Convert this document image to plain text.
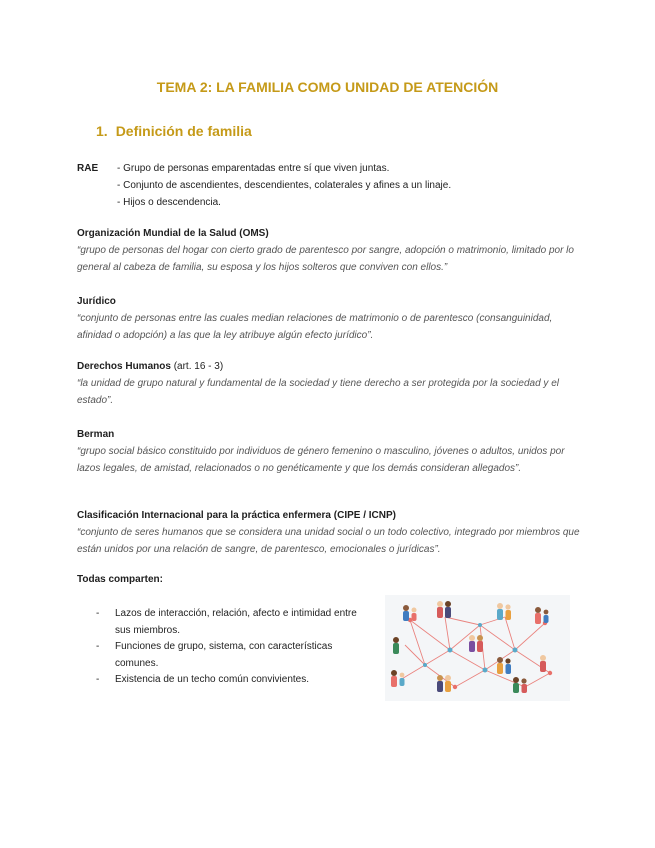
TEMA 2: LA FAMILIA COMO UNIDAD DE ATENCIÓN
1. Definición de familia
RAE - Grupo de personas emparentadas entre sí que viven juntas.
- Conjunto de ascendientes, descendientes, colaterales y afines a un linaje.
- Hijos o descendencia.
Organización Mundial de la Salud (OMS)
“grupo de personas del hogar con cierto grado de parentesco por sangre, adopción o matrimonio, limitado por lo general al cabeza de familia, su esposa y los hijos solteros que conviven con ellos.”
Jurídico
“conjunto de personas entre las cuales median relaciones de matrimonio o de parentesco (consanguinidad, afinidad o adopción) a las que la ley atribuye algún efecto jurídico”.
Derechos Humanos (art. 16 - 3)
“la unidad de grupo natural y fundamental de la sociedad y tiene derecho a ser protegida por la sociedad y el estado”.
Berman
“grupo social básico constituido por individuos de género femenino o masculino, jóvenes o adultos, unidos por lazos legales, de amistad, relacionados o no genéticamente y que los demás consideran allegados”.
Clasificación Internacional para la práctica enfermera (CIPE / ICNP)
“conjunto de seres humanos que se considera una unidad social o un todo colectivo, integrado por miembros que están unidos por una relación de sangre, de parentesco, emocionales o jurídicas”.
Todas comparten:
- Lazos de interacción, relación, afecto e intimidad entre sus miembros.
- Funciones de grupo, sistema, con características comunes.
- Existencia de un techo común convivientes.
